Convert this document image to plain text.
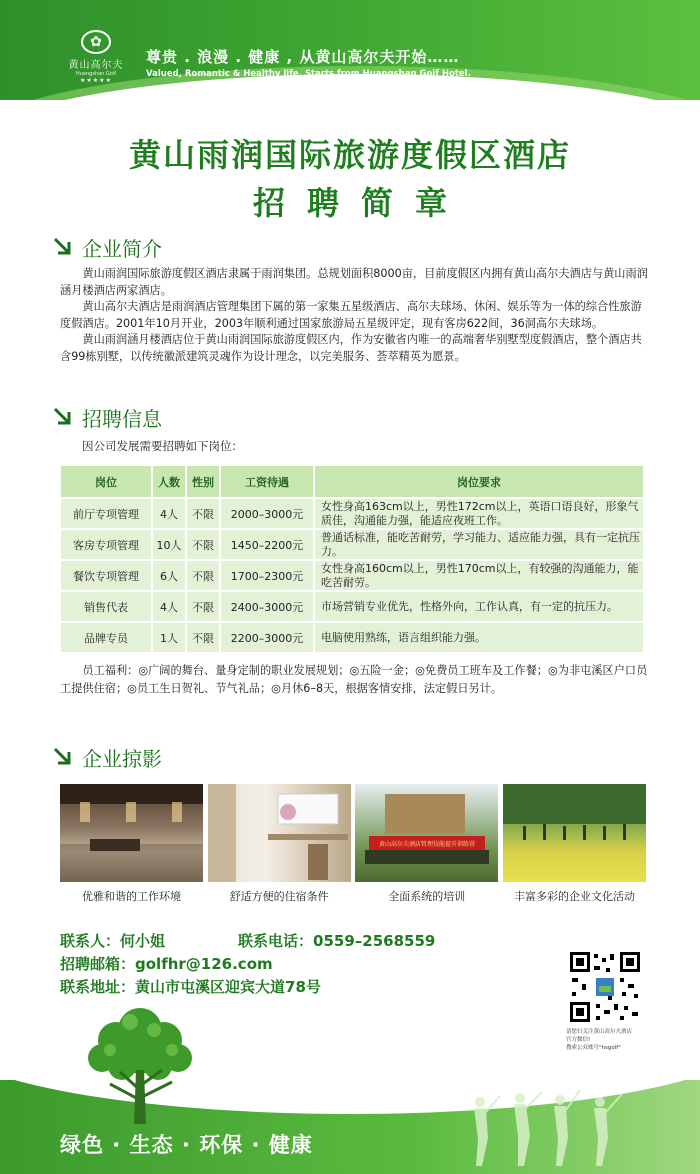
✿
黄山高尔夫
Huangshan Golf
★★★★★
尊贵 . 浪漫 . 健康 , 从黄山高尔夫开始……
Valued, Romantic & Healthy life, Starts from Huangshan Golf Hotel.
黄山雨润国际旅游度假区酒店
招聘简章
企业简介

黄山雨润国际旅游度假区酒店隶属于雨润集团。总规划面积8000亩，目前度假区内拥有黄山高尔夫酒店与黄山雨润涵月楼酒店两家酒店。

黄山高尔夫酒店是雨润酒店管理集团下属的第一家集五星级酒店、高尔夫球场、休闲、娱乐等为一体的综合性旅游度假酒店。2001年10月开业，2003年顺利通过国家旅游局五星级评定，现有客房622间，36洞高尔夫球场。

黄山雨润涵月楼酒店位于黄山雨润国际旅游度假区内，作为安徽省内唯一的高端奢华别墅型度假酒店，整个酒店共含99栋别墅，以传统徽派建筑灵魂作为设计理念，以完美服务、荟萃精英为愿景。

招聘信息
因公司发展需要招聘如下岗位：
岗位	人数	性别	工资待遇	岗位要求
前厅专项管理	4人	不限	2000–3000元	女性身高163cm以上，男性172cm以上，英语口语良好，形象气质佳，沟通能力强，能适应夜班工作。
客房专项管理	10人	不限	1450–2200元	普通话标准，能吃苦耐劳，学习能力、适应能力强，具有一定抗压力。
餐饮专项管理	6人	不限	1700–2300元	女性身高160cm以上，男性170cm以上，有较强的沟通能力，能吃苦耐劳。
销售代表	4人	不限	2400–3000元	市场营销专业优先，性格外向，工作认真，有一定的抗压力。
品牌专员	1人	不限	2200–3000元	电脑使用熟练，语言组织能力强。
员工福利：◎广阔的舞台、量身定制的职业发展规划；◎五险一金；◎免费员工班车及工作餐；◎为非屯溪区户口员工提供住宿；◎员工生日贺礼、节气礼品；◎月休6–8天，根据客情安排，法定假日另计。
企业掠影
优雅和谐的工作环境	舒适方便的住宿条件
黄山高尔夫酒店管理技能提升训练营
全面系统的培训	丰富多彩的企业文化活动
联系人：何小姐	联系电话：0559–2568559
招聘邮箱：golfhr@126.com
联系地址：黄山市屯溪区迎宾大道78号
请您扫关注黄山高尔夫酒店
官方微信!
搜索公众账号"hsgolf"
绿色 · 生态 · 环保 · 健康
